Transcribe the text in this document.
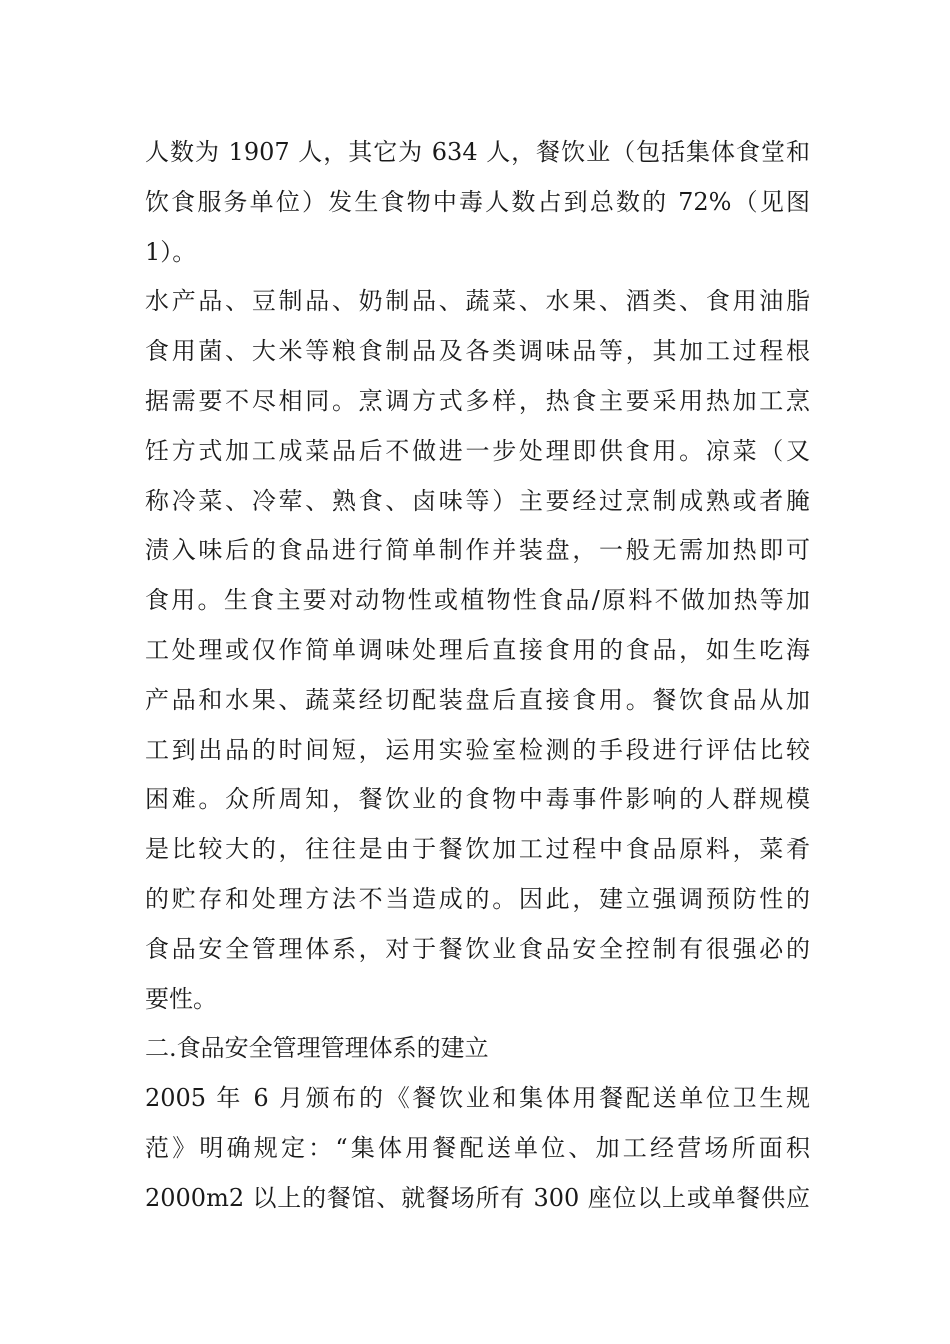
人数为 1907 人，其它为 634 人，餐饮业（包括集体食堂和
饮食服务单位）发生食物中毒人数占到总数的 72%（见图
1）。
水产品、豆制品、奶制品、蔬菜、水果、酒类、食用油脂
食用菌、大米等粮食制品及各类调味品等，其加工过程根
据需要不尽相同。烹调方式多样，热食主要采用热加工烹
饪方式加工成菜品后不做进一步处理即供食用。凉菜（又
称冷菜、冷荤、熟食、卤味等）主要经过烹制成熟或者腌
渍入味后的食品进行简单制作并装盘，一般无需加热即可
食用。生食主要对动物性或植物性食品/原料不做加热等加
工处理或仅作简单调味处理后直接食用的食品，如生吃海
产品和水果、蔬菜经切配装盘后直接食用。餐饮食品从加
工到出品的时间短，运用实验室检测的手段进行评估比较
困难。众所周知，餐饮业的食物中毒事件影响的人群规模
是比较大的，往往是由于餐饮加工过程中食品原料，菜肴
的贮存和处理方法不当造成的。因此，建立强调预防性的
食品安全管理体系，对于餐饮业食品安全控制有很强必的
要性。
二.食品安全管理管理体系的建立
2005 年 6 月颁布的《餐饮业和集体用餐配送单位卫生规
范》明确规定：“集体用餐配送单位、加工经营场所面积
2000m2 以上的餐馆、就餐场所有 300 座位以上或单餐供应
